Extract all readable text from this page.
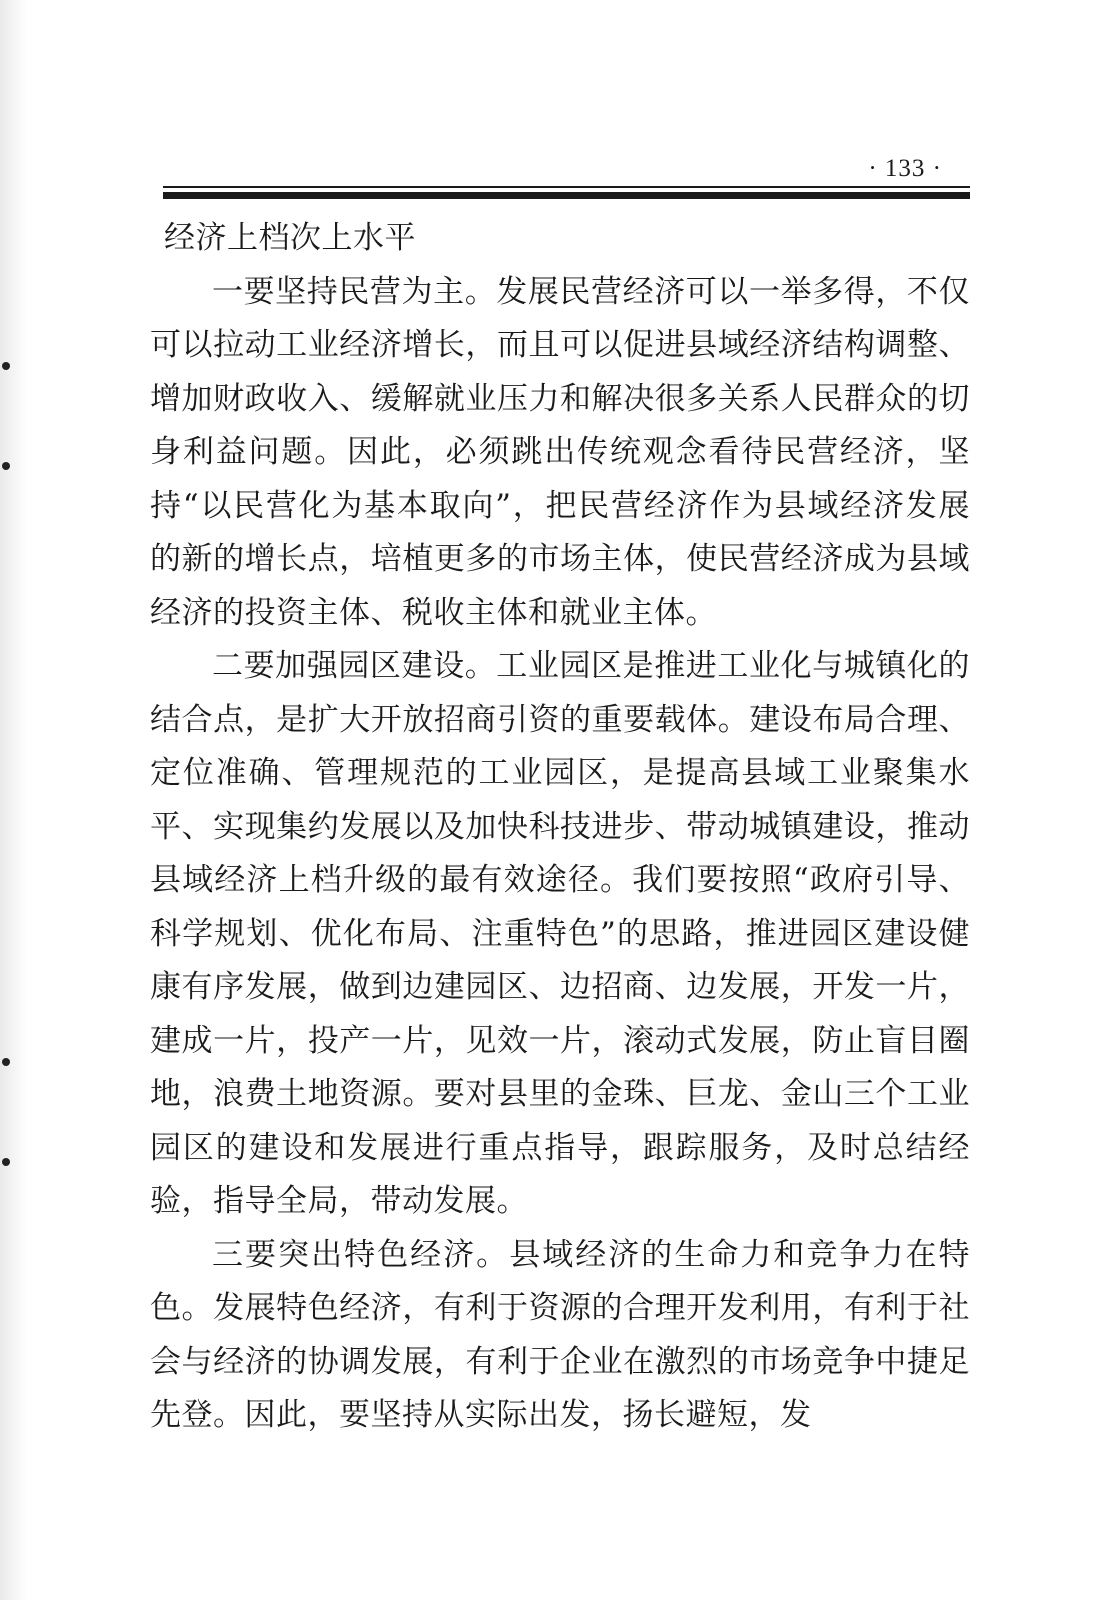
· 133 ·

经济上档次上水平

一要坚持民营为主。发展民营经济可以一举多得，不仅可以拉动工业经济增长，而且可以促进县域经济结构调整、增加财政收入、缓解就业压力和解决很多关系人民群众的切身利益问题。因此，必须跳出传统观念看待民营经济，坚持“以民营化为基本取向”，把民营经济作为县域经济发展的新的增长点，培植更多的市场主体，使民营经济成为县域经济的投资主体、税收主体和就业主体。

二要加强园区建设。工业园区是推进工业化与城镇化的结合点，是扩大开放招商引资的重要载体。建设布局合理、定位准确、管理规范的工业园区，是提高县域工业聚集水平、实现集约发展以及加快科技进步、带动城镇建设，推动县域经济上档升级的最有效途径。我们要按照“政府引导、科学规划、优化布局、注重特色”的思路，推进园区建设健康有序发展，做到边建园区、边招商、边发展，开发一片，建成一片，投产一片，见效一片，滚动式发展，防止盲目圈地，浪费土地资源。要对县里的金珠、巨龙、金山三个工业园区的建设和发展进行重点指导，跟踪服务，及时总结经验，指导全局，带动发展。

三要突出特色经济。县域经济的生命力和竞争力在特色。发展特色经济，有利于资源的合理开发利用，有利于社会与经济的协调发展，有利于企业在激烈的市场竞争中捷足先登。因此，要坚持从实际出发，扬长避短，发
